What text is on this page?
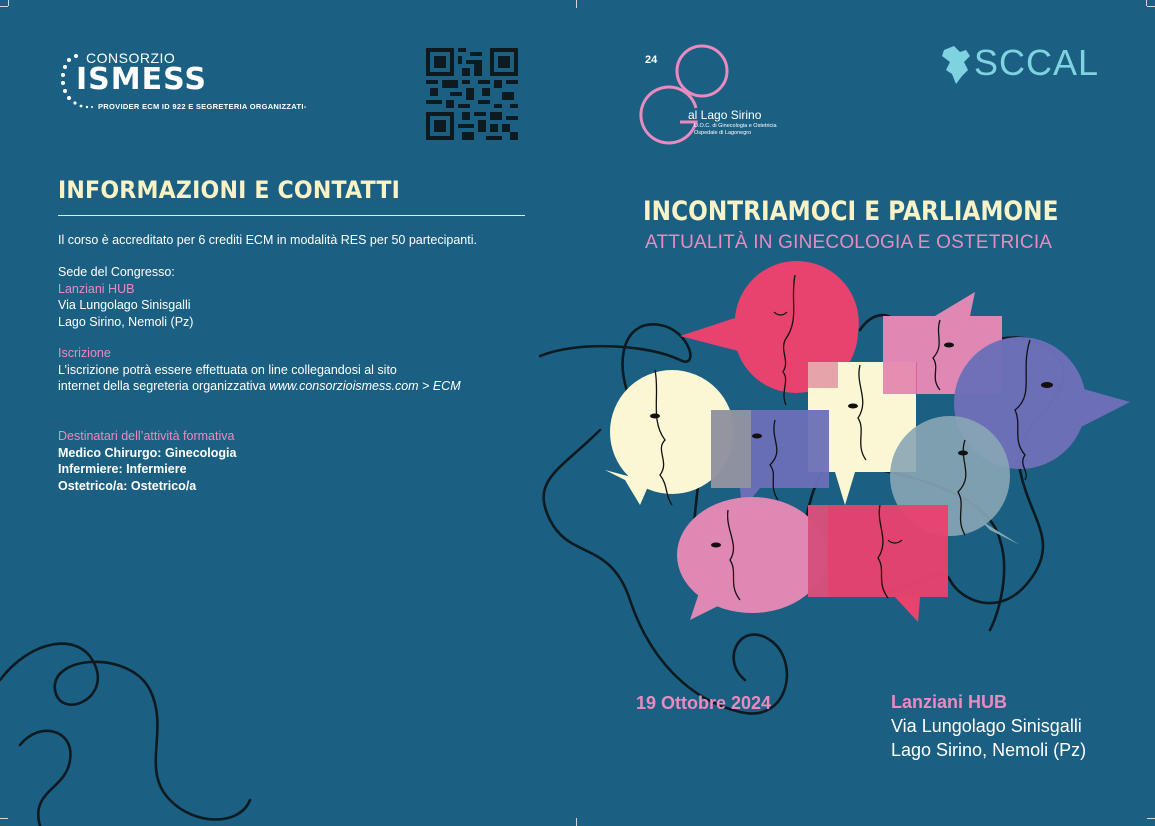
CONSORZIO
ISMESS
PROVIDER ECM ID 922 E SEGRETERIA ORGANIZZATI-
INFORMAZIONI E CONTATTI
Il corso è accreditato per 6 crediti ECM in modalità RES per 50 partecipanti.
Sede del Congresso:
Lanziani HUB
Via Lungolago Sinisgalli
Lago Sirino, Nemoli (Pz)
Iscrizione
L’iscrizione potrà essere effettuata on line collegandosi al sito
internet della segreteria organizzativa www.consorzioismess.com > ECM
Destinatari dell’attività formativa
Medico Chirurgo: Ginecologia
Infermiere: Infermiere
Ostetrico/a: Ostetrico/a
24
al Lago Sirino
U.O.C. di Ginecologia e Ostetricia
Ospedale di Lagonegro
SCCAL
INCONTRIAMOCI E PARLIAMONE
ATTUALITÀ IN GINECOLOGIA E OSTETRICIA
19 Ottobre 2024	Lanziani HUB
Via Lungolago Sinisgalli
Lago Sirino, Nemoli (Pz)
